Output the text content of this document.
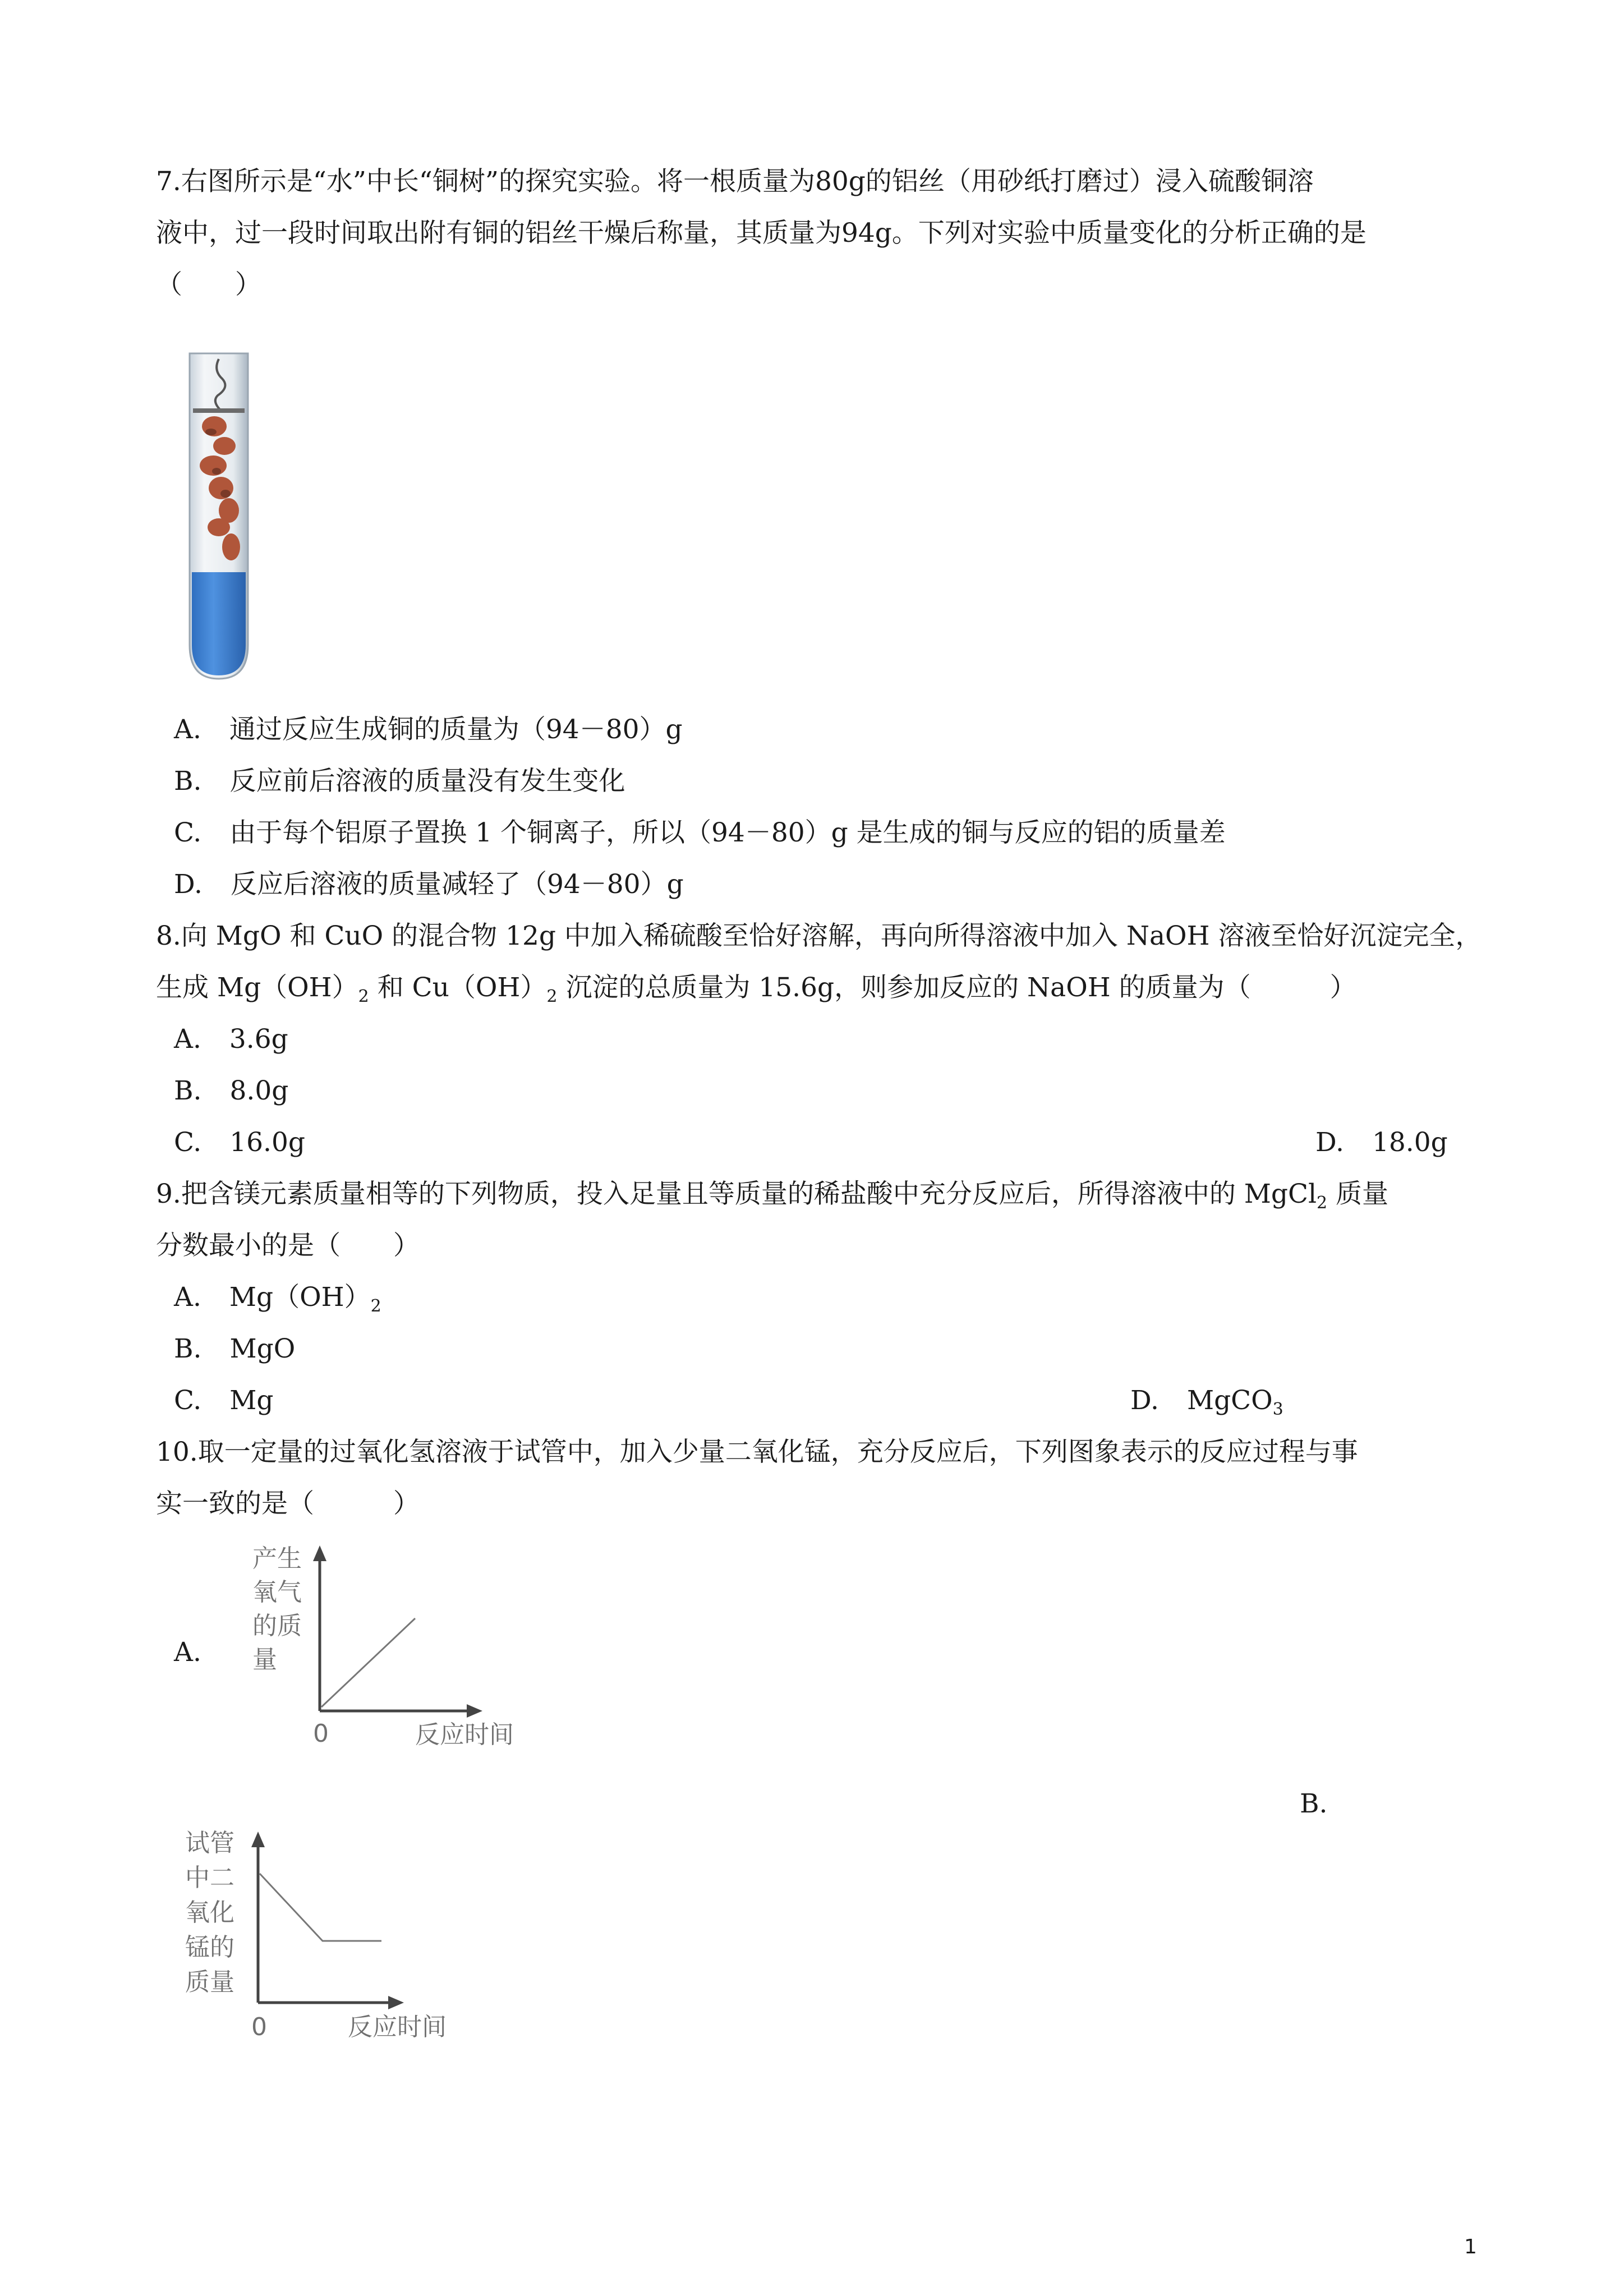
7.右图所示是“水”中长“铜树”的探究实验。将一根质量为80g的铝丝（用砂纸打磨过）浸入硫酸铜溶
液中，过一段时间取出附有铜的铝丝干燥后称量，其质量为94g。下列对实验中质量变化的分析正确的是
（　　）
A. 通过反应生成铜的质量为（94－80）g
B. 反应前后溶液的质量没有发生变化
C. 由于每个铝原子置换 1 个铜离子，所以（94－80）g 是生成的铜与反应的铝的质量差
D. 反应后溶液的质量减轻了（94－80）g
8.向 MgO 和 CuO 的混合物 12g 中加入稀硫酸至恰好溶解，再向所得溶液中加入 NaOH 溶液至恰好沉淀完全，
生成 $Mg(OH)_2$ 和 $Cu(OH)_2$ 沉淀的总质量为 15.6g，则参加反应的 NaOH 的质量为（　　　）
A. 3.6g
B. 8.0g
C. 16.0g	D. 18.0g
9.把含镁元素质量相等的下列物质，投入足量且等质量的稀盐酸中充分反应后，所得溶液中的 MgCl$_2$ 质量
分数最小的是（　　）
A. $Mg(OH)_2$
B. MgO
C. Mg	D. MgCO$_3$
10.取一定量的过氧化氢溶液于试管中，加入少量二氧化锰，充分反应后，下列图象表示的反应过程与事
实一致的是（　　　）
A.
产生
氧气
的质
量
0	反应时间
B.
试管
中二
氧化
锰的
质量
0	反应时间
1
